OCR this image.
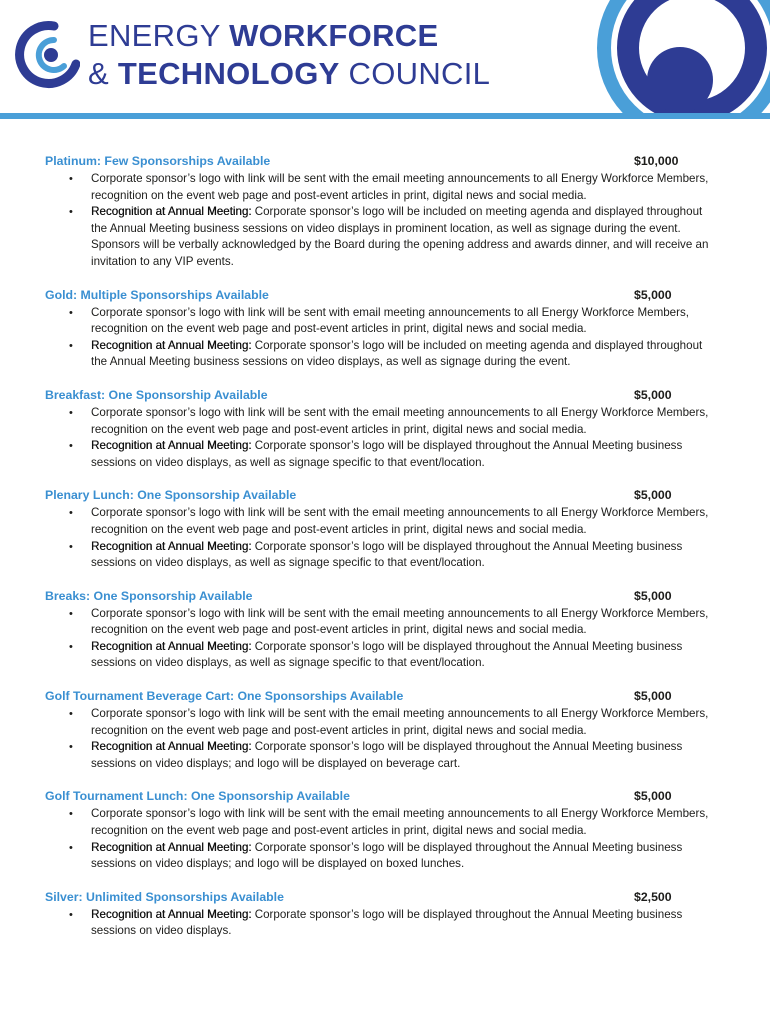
ENERGY WORKFORCE
& TECHNOLOGY COUNCIL
Platinum: Few Sponsorships Available	$10,000
• Corporate sponsor’s logo with link will be sent with the email meeting announcements to all Energy Workforce Members, recognition on the event web page and post-event articles in print, digital news and social media.
• Recognition at Annual Meeting: Corporate sponsor’s logo will be included on meeting agenda and displayed throughout the Annual Meeting business sessions on video displays in prominent location, as well as signage during the event. Sponsors will be verbally acknowledged by the Board during the opening address and awards dinner, and will receive an invitation to any VIP events.
Gold: Multiple Sponsorships Available	$5,000
• Corporate sponsor’s logo with link will be sent with email meeting announcements to all Energy Workforce Members, recognition on the event web page and post-event articles in print, digital news and social media.
• Recognition at Annual Meeting: Corporate sponsor’s logo will be included on meeting agenda and displayed throughout the Annual Meeting business sessions on video displays, as well as signage during the event.
Breakfast: One Sponsorship Available	$5,000
• Corporate sponsor’s logo with link will be sent with the email meeting announcements to all Energy Workforce Members, recognition on the event web page and post-event articles in print, digital news and social media.
• Recognition at Annual Meeting: Corporate sponsor’s logo will be displayed throughout the Annual Meeting business sessions on video displays, as well as signage specific to that event/location.
Plenary Lunch: One Sponsorship Available	$5,000
• Corporate sponsor’s logo with link will be sent with the email meeting announcements to all Energy Workforce Members, recognition on the event web page and post-event articles in print, digital news and social media.
• Recognition at Annual Meeting: Corporate sponsor’s logo will be displayed throughout the Annual Meeting business sessions on video displays, as well as signage specific to that event/location.
Breaks: One Sponsorship Available	$5,000
• Corporate sponsor’s logo with link will be sent with the email meeting announcements to all Energy Workforce Members, recognition on the event web page and post-event articles in print, digital news and social media.
• Recognition at Annual Meeting: Corporate sponsor’s logo will be displayed throughout the Annual Meeting business sessions on video displays, as well as signage specific to that event/location.
Golf Tournament Beverage Cart: One Sponsorships Available	$5,000
• Corporate sponsor’s logo with link will be sent with the email meeting announcements to all Energy Workforce Members, recognition on the event web page and post-event articles in print, digital news and social media.
• Recognition at Annual Meeting: Corporate sponsor’s logo will be displayed throughout the Annual Meeting business sessions on video displays; and logo will be displayed on beverage cart.
Golf Tournament Lunch: One Sponsorship Available	$5,000
• Corporate sponsor’s logo with link will be sent with the email meeting announcements to all Energy Workforce Members, recognition on the event web page and post-event articles in print, digital news and social media.
• Recognition at Annual Meeting: Corporate sponsor’s logo will be displayed throughout the Annual Meeting business sessions on video displays; and logo will be displayed on boxed lunches.
Silver: Unlimited Sponsorships Available	$2,500
• Recognition at Annual Meeting: Corporate sponsor’s logo will be displayed throughout the Annual Meeting business sessions on video displays.
